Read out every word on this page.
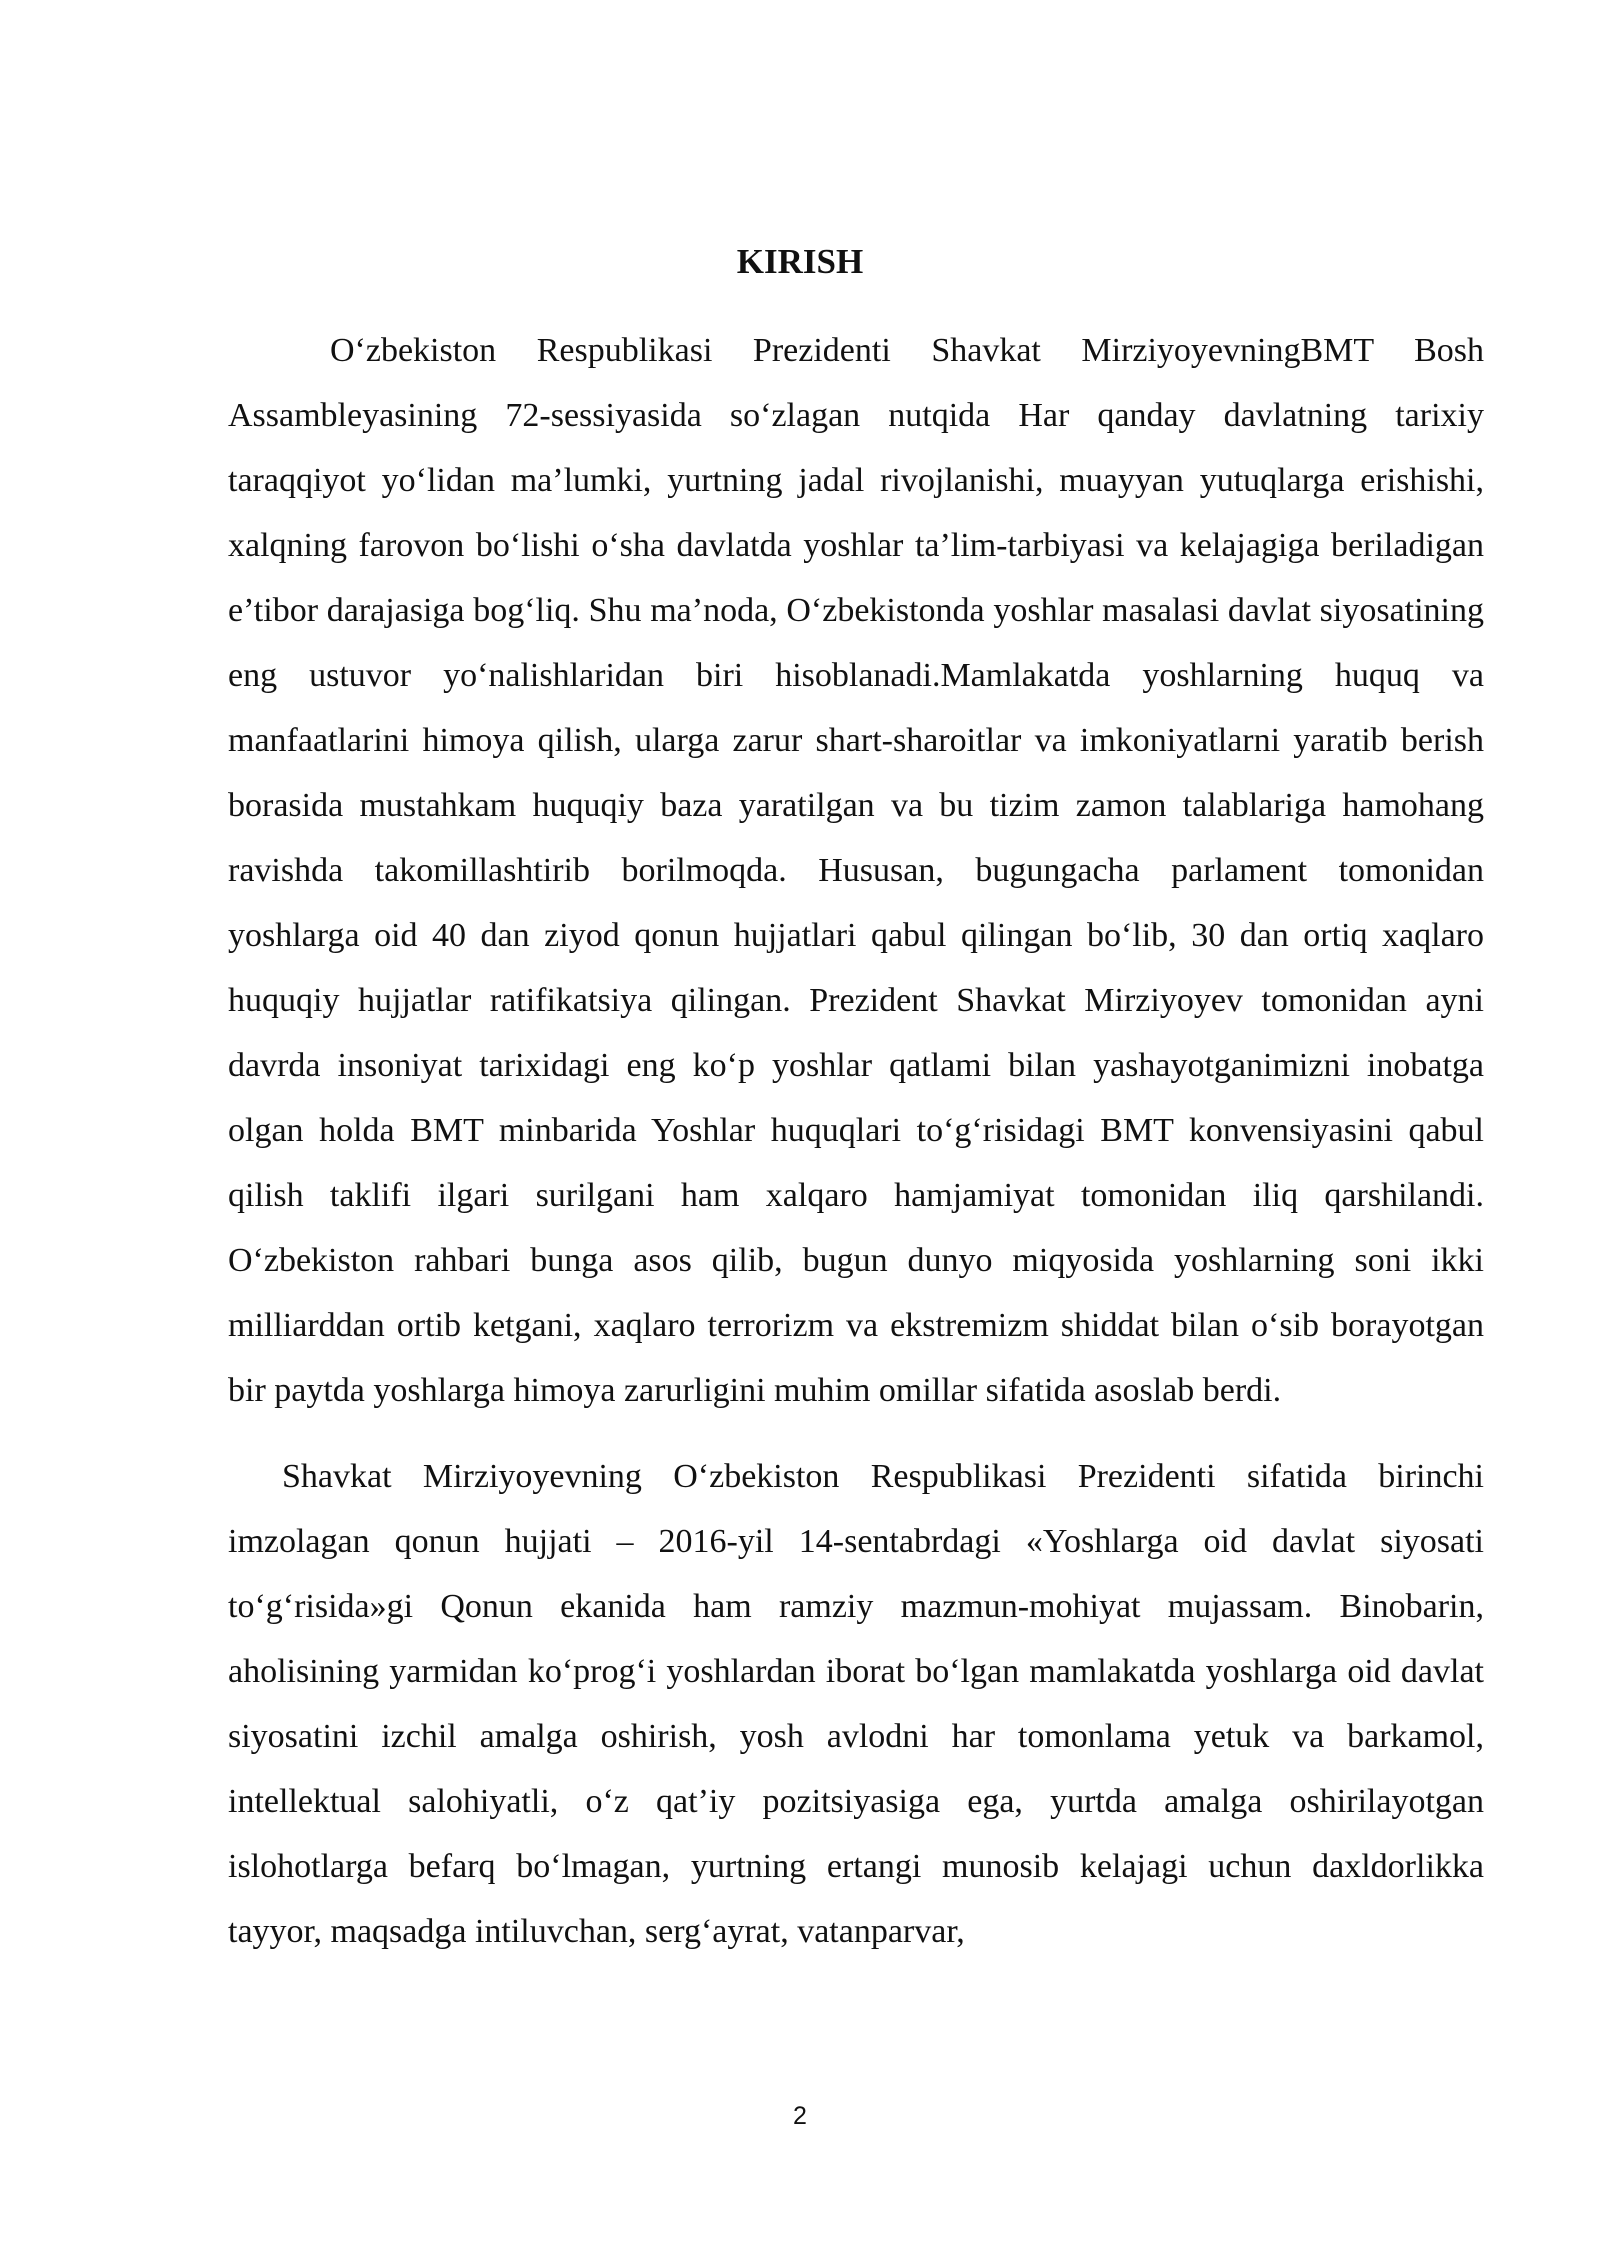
KIRISH

O‘zbekiston Respublikasi Prezidenti Shavkat MirziyoyevningBMT Bosh Assambleyasining 72-sessiyasida so‘zlagan nutqida Har qanday davlatning tarixiy taraqqiyot yo‘lidan ma’lumki, yurtning jadal rivojlanishi, muayyan yutuqlarga erishishi, xalqning farovon bo‘lishi o‘sha davlatda yoshlar ta’lim-tarbiyasi va kelajagiga beriladigan e’tibor darajasiga bog‘liq. Shu ma’noda, O‘zbekistonda yoshlar masalasi davlat siyosatining eng ustuvor yo‘nalishlaridan biri hisoblanadi.Mamlakatda yoshlarning huquq va manfaatlarini himoya qilish, ularga zarur shart-sharoitlar va imkoniyatlarni yaratib berish borasida mustahkam huquqiy baza yaratilgan va bu tizim zamon talablariga hamohang ravishda takomillashtirib borilmoqda. Hususan, bugungacha parlament tomonidan yoshlarga oid 40 dan ziyod qonun hujjatlari qabul qilingan bo‘lib, 30 dan ortiq xaqlaro huquqiy hujjatlar ratifikatsiya qilingan. Prezident Shavkat Mirziyoyev tomonidan ayni davrda insoniyat tarixidagi eng ko‘p yoshlar qatlami bilan yashayotganimizni inobatga olgan holda BMT minbarida Yoshlar huquqlari to‘g‘risidagi BMT konvensiyasini qabul qilish taklifi ilgari surilgani ham xalqaro hamjamiyat tomonidan iliq qarshilandi. O‘zbekiston rahbari bunga asos qilib, bugun dunyo miqyosida yoshlarning soni ikki milliarddan ortib ketgani, xaqlaro terrorizm va ekstremizm shiddat bilan o‘sib borayotgan bir paytda yoshlarga himoya zarurligini muhim omillar sifatida asoslab berdi.

Shavkat Mirziyoyevning O‘zbekiston Respublikasi Prezidenti sifatida birinchi imzolagan qonun hujjati – 2016-yil 14-sentabrdagi «Yoshlarga oid davlat siyosati to‘g‘risida»gi Qonun ekanida ham ramziy mazmun-mohiyat mujassam. Binobarin, aholisining yarmidan ko‘prog‘i yoshlardan iborat bo‘lgan mamlakatda yoshlarga oid davlat siyosatini izchil amalga oshirish, yosh avlodni har tomonlama yetuk va barkamol, intellektual salohiyatli, o‘z qat’iy pozitsiyasiga ega, yurtda amalga oshirilayotgan islohotlarga befarq bo‘lmagan, yurtning ertangi munosib kelajagi uchun daxldorlikka tayyor, maqsadga intiluvchan, serg‘ayrat, vatanparvar,

2
